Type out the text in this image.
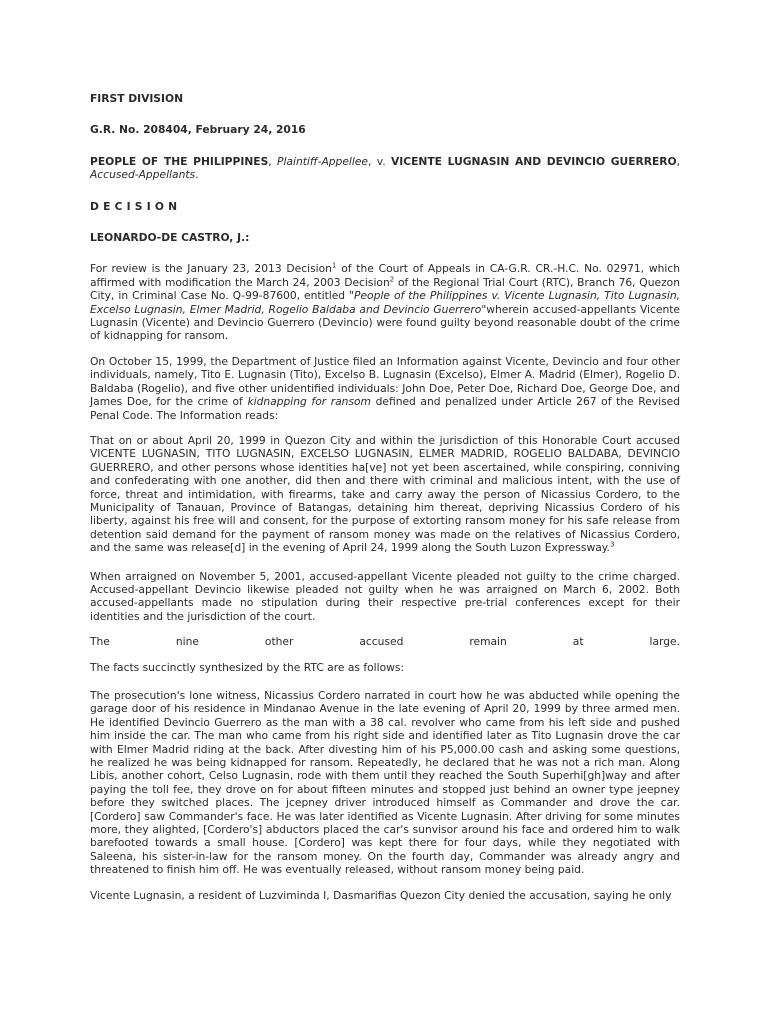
FIRST DIVISION
G.R. No. 208404, February 24, 2016

PEOPLE OF THE PHILIPPINES, Plaintiff-Appellee, v. VICENTE LUGNASIN AND DEVINCIO GUERRERO, Accused-Appellants.

DECISION
LEONARDO-DE CASTRO, J.:

For review is the January 23, 2013 Decision$^1$ of the Court of Appeals in CA-G.R. CR.-H.C. No. 02971, which affirmed with modification the March 24, 2003 Decision$^2$ of the Regional Trial Court (RTC), Branch 76, Quezon City, in Criminal Case No. Q-99-87600, entitled "People of the Philippines v. Vicente Lugnasin, Tito Lugnasin, Excelso Lugnasin, Elmer Madrid, Rogelio Baldaba and Devincio Guerrero"wherein accused-appellants Vicente Lugnasin (Vicente) and Devincio Guerrero (Devincio) were found guilty beyond reasonable doubt of the crime of kidnapping for ransom.

On October 15, 1999, the Department of Justice filed an Information against Vicente, Devincio and four other individuals, namely, Tito E. Lugnasin (Tito), Excelso B. Lugnasin (Excelso), Elmer A. Madrid (Elmer), Rogelio D. Baldaba (Rogelio), and five other unidentified individuals: John Doe, Peter Doe, Richard Doe, George Doe, and James Doe, for the crime of kidnapping for ransom defined and penalized under Article 267 of the Revised Penal Code. The Information reads:

That on or about April 20, 1999 in Quezon City and within the jurisdiction of this Honorable Court accused VICENTE LUGNASIN, TITO LUGNASIN, EXCELSO LUGNASIN, ELMER MADRID, ROGELIO BALDABA, DEVINCIO GUERRERO, and other persons whose identities ha[ve] not yet been ascertained, while conspiring, conniving and confederating with one another, did then and there with criminal and malicious intent, with the use of force, threat and intimidation, with firearms, take and carry away the person of Nicassius Cordero, to the Municipality of Tanauan, Province of Batangas, detaining him thereat, depriving Nicassius Cordero of his liberty, against his free will and consent, for the purpose of extorting ransom money for his safe release from detention said demand for the payment of ransom money was made on the relatives of Nicassius Cordero, and the same was release[d] in the evening of April 24, 1999 along the South Luzon Expressway.$^3$

When arraigned on November 5, 2001, accused-appellant Vicente pleaded not guilty to the crime charged. Accused-appellant Devincio likewise pleaded not guilty when he was arraigned on March 6, 2002. Both accused-appellants made no stipulation during their respective pre-trial conferences except for their identities and the jurisdiction of the court.

The	nine	other	accused	remain	at	large.

The facts succinctly synthesized by the RTC are as follows:

The prosecution's lone witness, Nicassius Cordero narrated in court how he was abducted while opening the garage door of his residence in Mindanao Avenue in the late evening of April 20, 1999 by three armed men. He identified Devincio Guerrero as the man with a 38 cal. revolver who came from his left side and pushed him inside the car. The man who came from his right side and identified later as Tito Lugnasin drove the car with Elmer Madrid riding at the back. After divesting him of his P5,000.00 cash and asking some questions, he realized he was being kidnapped for ransom. Repeatedly, he declared that he was not a rich man. Along Libis, another cohort, Celso Lugnasin, rode with them until they reached the South Superhi[gh]way and after paying the toll fee, they drove on for about fifteen minutes and stopped just behind an owner type jeepney before they switched places. The jcepney driver introduced himself as Commander and drove the car. [Cordero] saw Commander's face. He was later identified as Vicente Lugnasin. After driving for some minutes more, they alighted, [Cordero's] abductors placed the car's sunvisor around his face and ordered him to walk barefooted towards a small house. [Cordero] was kept there for four days, while they negotiated with Saleena, his sister-in-law for the ransom money. On the fourth day, Commander was already angry and threatened to finish him off. He was eventually released, without ransom money being paid.

Vicente Lugnasin, a resident of Luzviminda I, Dasmarifias Quezon City denied the accusation, saying he only
